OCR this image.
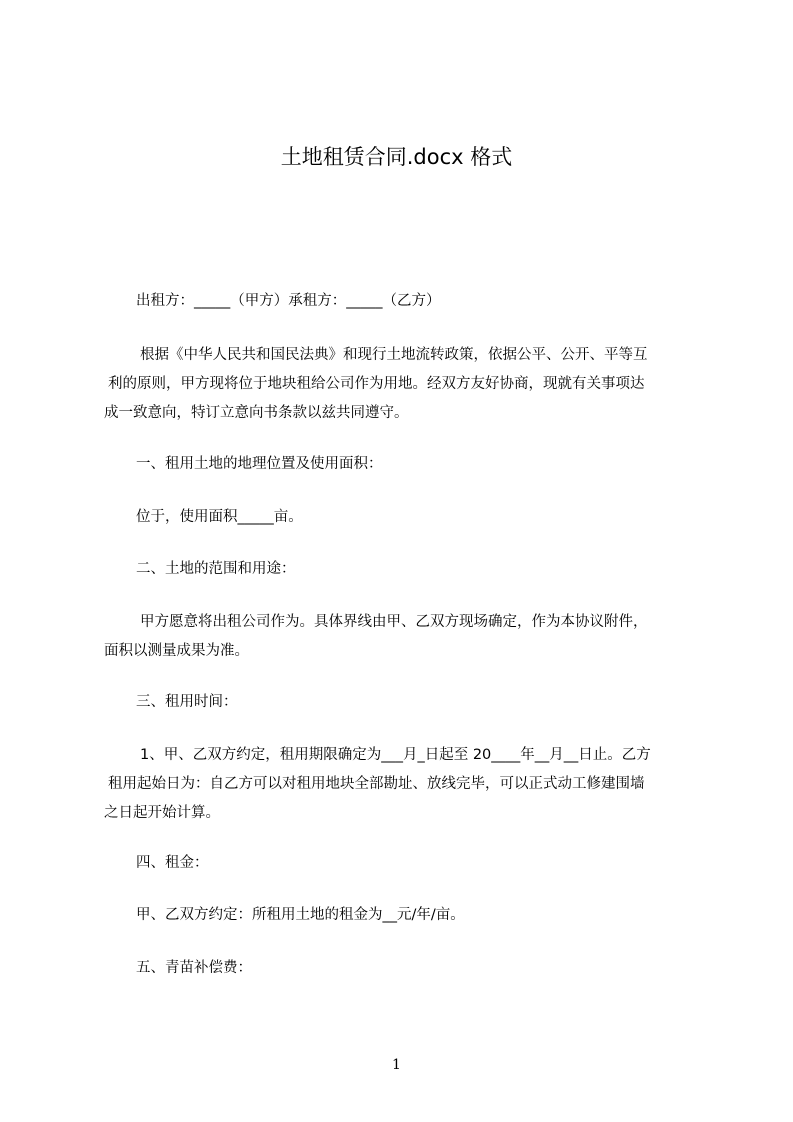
土地租赁合同.docx 格式

出租方：_____（甲方）承租方：_____（乙方）

根据《中华人民共和国民法典》和现行土地流转政策，依据公平、公开、平等互
利的原则，甲方现将位于地块租给公司作为用地。经双方友好协商，现就有关事项达
成一致意向，特订立意向书条款以兹共同遵守。

一、租用土地的地理位置及使用面积：

位于，使用面积_____亩。

二、土地的范围和用途：

甲方愿意将出租公司作为。具体界线由甲、乙双方现场确定，作为本协议附件，
面积以测量成果为准。

三、租用时间：

1、甲、乙双方约定，租用期限确定为___月_日起至 20____年__月__日止。乙方
租用起始日为：自乙方可以对租用地块全部勘址、放线完毕，可以正式动工修建围墙
之日起开始计算。

四、租金：

甲、乙双方约定：所租用土地的租金为__元/年/亩。

五、青苗补偿费：

1
